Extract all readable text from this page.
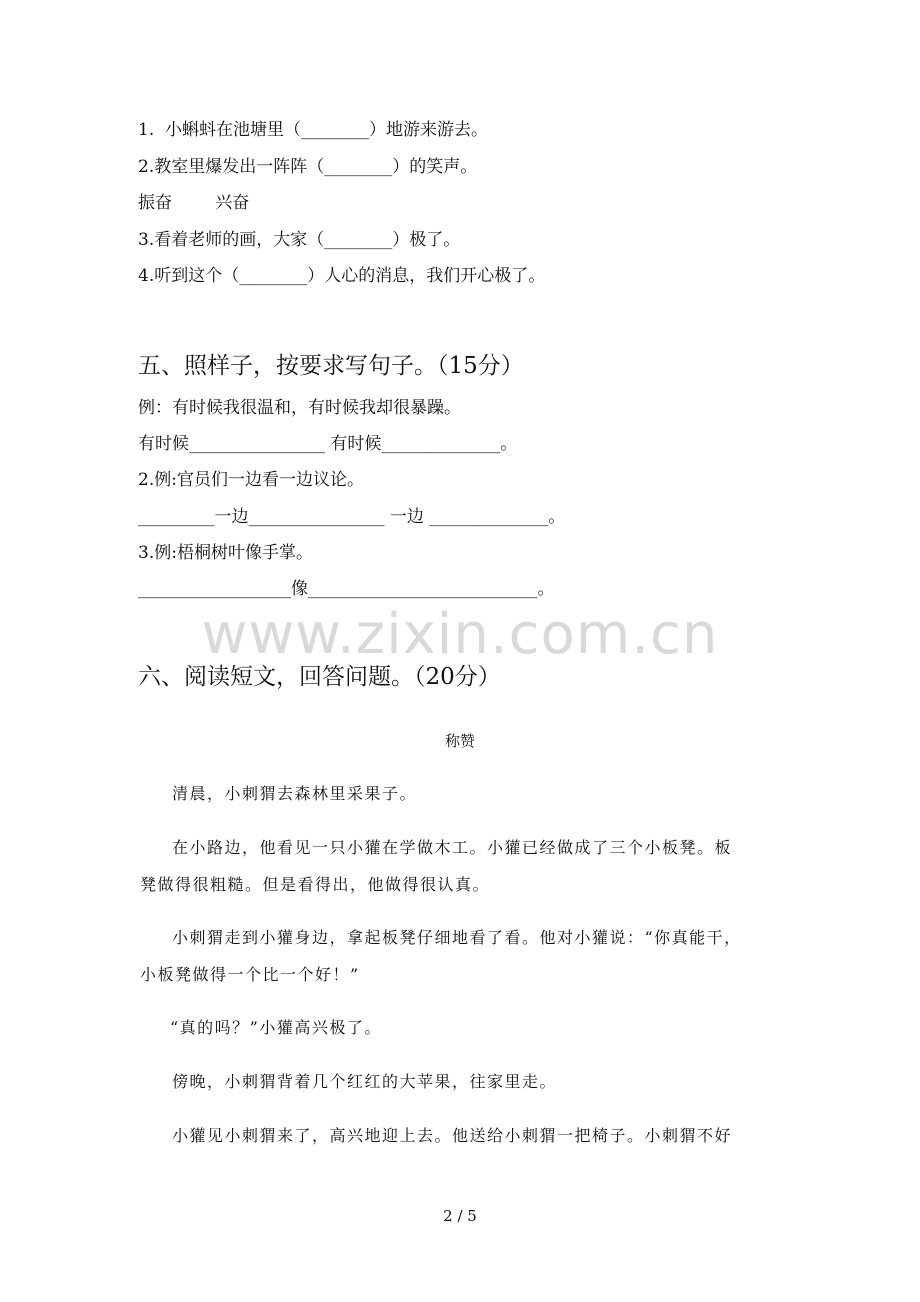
1.  小蝌蚪在池塘里（________）地游来游去。
2.教室里爆发出一阵阵（________）的笑声。
振奋        兴奋
3.看着老师的画，大家（________）极了。
4.听到这个（________）人心的消息，我们开心极了。
五、照样子，按要求写句子。（15分）
例：有时候我很温和，有时候我却很暴躁。
有时候________________ 有时候______________。
2.例:官员们一边看一边议论。
_________一边________________ 一边 ______________。
3.例:梧桐树叶像手掌。
__________________像___________________________。
www.zixin.com.cn
六、阅读短文，回答问题。（20分）
称赞
清晨，小刺猬去森林里采果子。
在小路边，他看见一只小獾在学做木工。小獾已经做成了三个小板凳。板
凳做得很粗糙。但是看得出，他做得很认真。
小刺猬走到小獾身边，拿起板凳仔细地看了看。他对小獾说：“你真能干，
小板凳做得一个比一个好！”
“真的吗？”小獾高兴极了。
傍晚，小刺猬背着几个红红的大苹果，往家里走。
小獾见小刺猬来了，高兴地迎上去。他送给小刺猬一把椅子。小刺猬不好
2 / 5
